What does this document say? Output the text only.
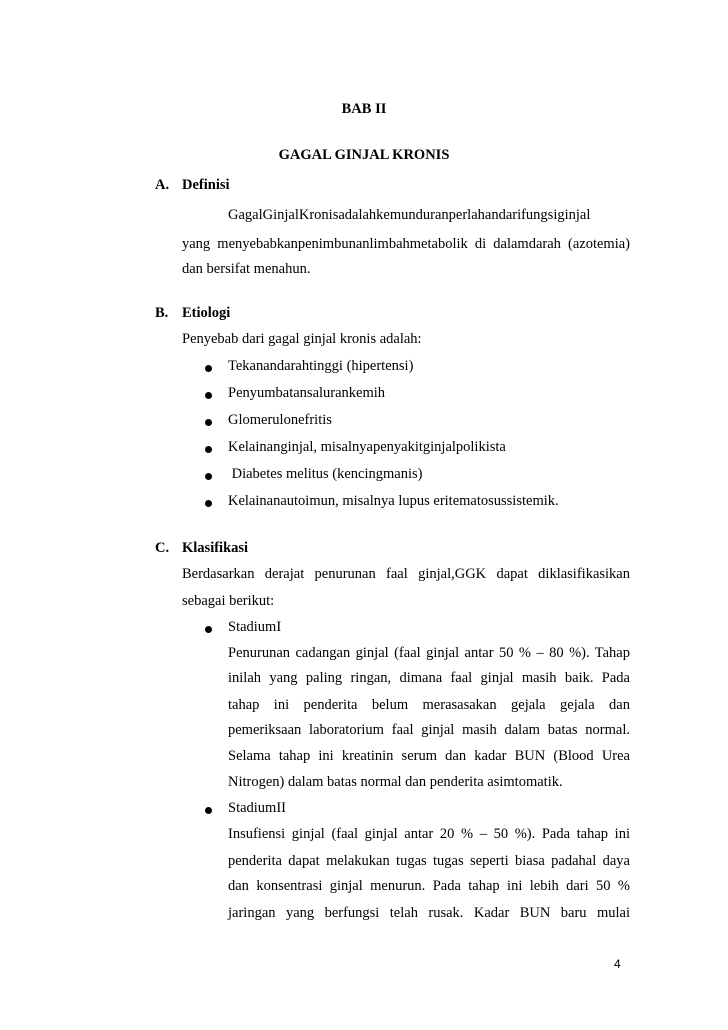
BAB II
GAGAL GINJAL KRONIS
A. Definisi
GagalGinjalKronisadalahkemunduranperlahandarifungsiginjal
yang menyebabkanpenimbunanlimbahmetabolik di dalamdarah (azotemia)
dan bersifat menahun.
B. Etiologi
Penyebab dari gagal ginjal kronis adalah:
Tekanandarahtinggi (hipertensi)
Penyumbatansalurankemih
Glomerulonefritis
Kelainanginjal, misalnyapenyakitginjalpolikista
Diabetes melitus (kencingmanis)
Kelainanautoimun, misalnya lupus eritematosussistemik.
C. Klasifikasi
Berdasarkan derajat penurunan faal ginjal,GGK dapat diklasifikasikan
sebagai berikut:
StadiumI
Penurunan cadangan ginjal (faal ginjal antar 50 % – 80 %). Tahap
inilah yang paling ringan, dimana faal ginjal masih baik. Pada
tahap ini penderita belum merasasakan gejala gejala dan
pemeriksaan laboratorium faal ginjal masih dalam batas normal.
Selama tahap ini kreatinin serum dan kadar BUN (Blood Urea
Nitrogen) dalam batas normal dan penderita asimtomatik.
StadiumII
Insufiensi ginjal (faal ginjal antar 20 % – 50 %). Pada tahap ini
penderita dapat melakukan tugas tugas seperti biasa padahal daya
dan konsentrasi ginjal menurun. Pada tahap ini lebih dari 50 %
jaringan yang berfungsi telah rusak. Kadar BUN baru mulai
4
